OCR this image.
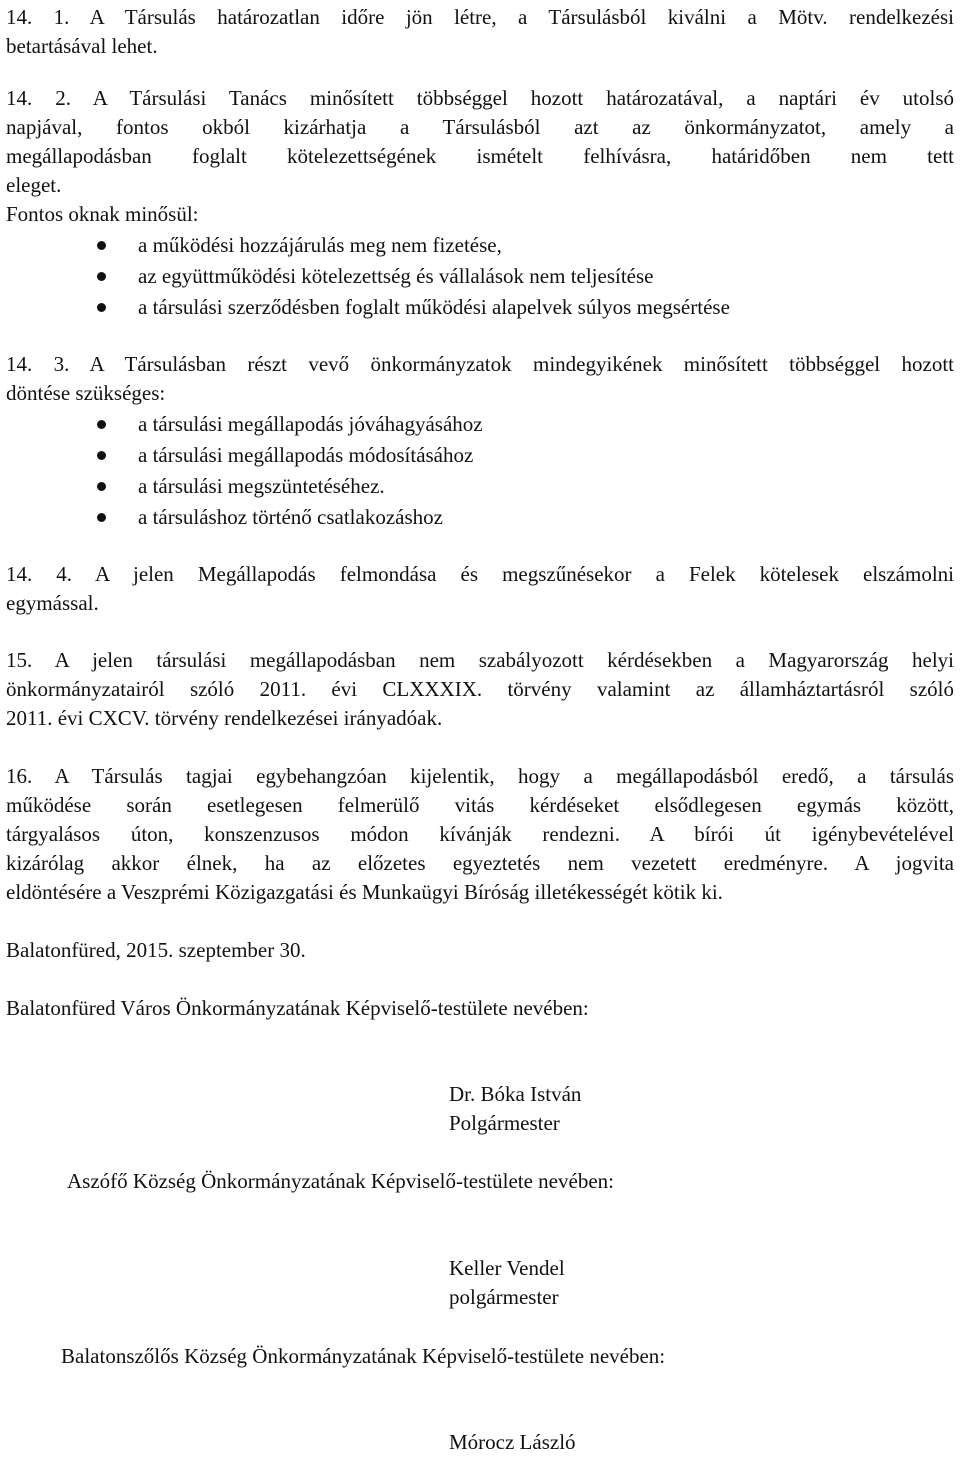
14. 1. A Társulás határozatlan időre jön létre, a Társulásból kiválni a Mötv. rendelkezési
betartásával lehet.
14. 2. A Társulási Tanács minősített többséggel hozott határozatával, a naptári év utolsó
napjával, fontos okból kizárhatja a Társulásból azt az önkormányzatot, amely a
megállapodásban foglalt kötelezettségének ismételt felhívásra, határidőben nem tett
eleget.
Fontos oknak minősül:
a működési hozzájárulás meg nem fizetése,
az együttműködési kötelezettség és vállalások nem teljesítése
a társulási szerződésben foglalt működési alapelvek súlyos megsértése
14. 3. A Társulásban részt vevő önkormányzatok mindegyikének minősített többséggel hozott
döntése szükséges:
a társulási megállapodás jóváhagyásához
a társulási megállapodás módosításához
a társulási megszüntetéséhez.
a társuláshoz történő csatlakozáshoz
14. 4. A jelen Megállapodás felmondása és megszűnésekor a Felek kötelesek elszámolni
egymással.
15. A jelen társulási megállapodásban nem szabályozott kérdésekben a Magyarország helyi
önkormányzatairól szóló 2011. évi CLXXXIX. törvény valamint az államháztartásról szóló
2011. évi CXCV. törvény rendelkezései irányadóak.
16. A Társulás tagjai egybehangzóan kijelentik, hogy a megállapodásból eredő, a társulás
működése során esetlegesen felmerülő vitás kérdéseket elsődlegesen egymás között,
tárgyalásos úton, konszenzusos módon kívánják rendezni. A bírói út igénybevételével
kizárólag akkor élnek, ha az előzetes egyeztetés nem vezetett eredményre. A jogvita
eldöntésére a Veszprémi Közigazgatási és Munkaügyi Bíróság illetékességét kötik ki.
Balatonfüred, 2015. szeptember 30.
Balatonfüred Város Önkormányzatának Képviselő-testülete nevében:
Dr. Bóka István
Polgármester
Aszófő Község Önkormányzatának Képviselő-testülete nevében:
Keller Vendel
polgármester
Balatonszőlős Község Önkormányzatának Képviselő-testülete nevében:
Mórocz László
